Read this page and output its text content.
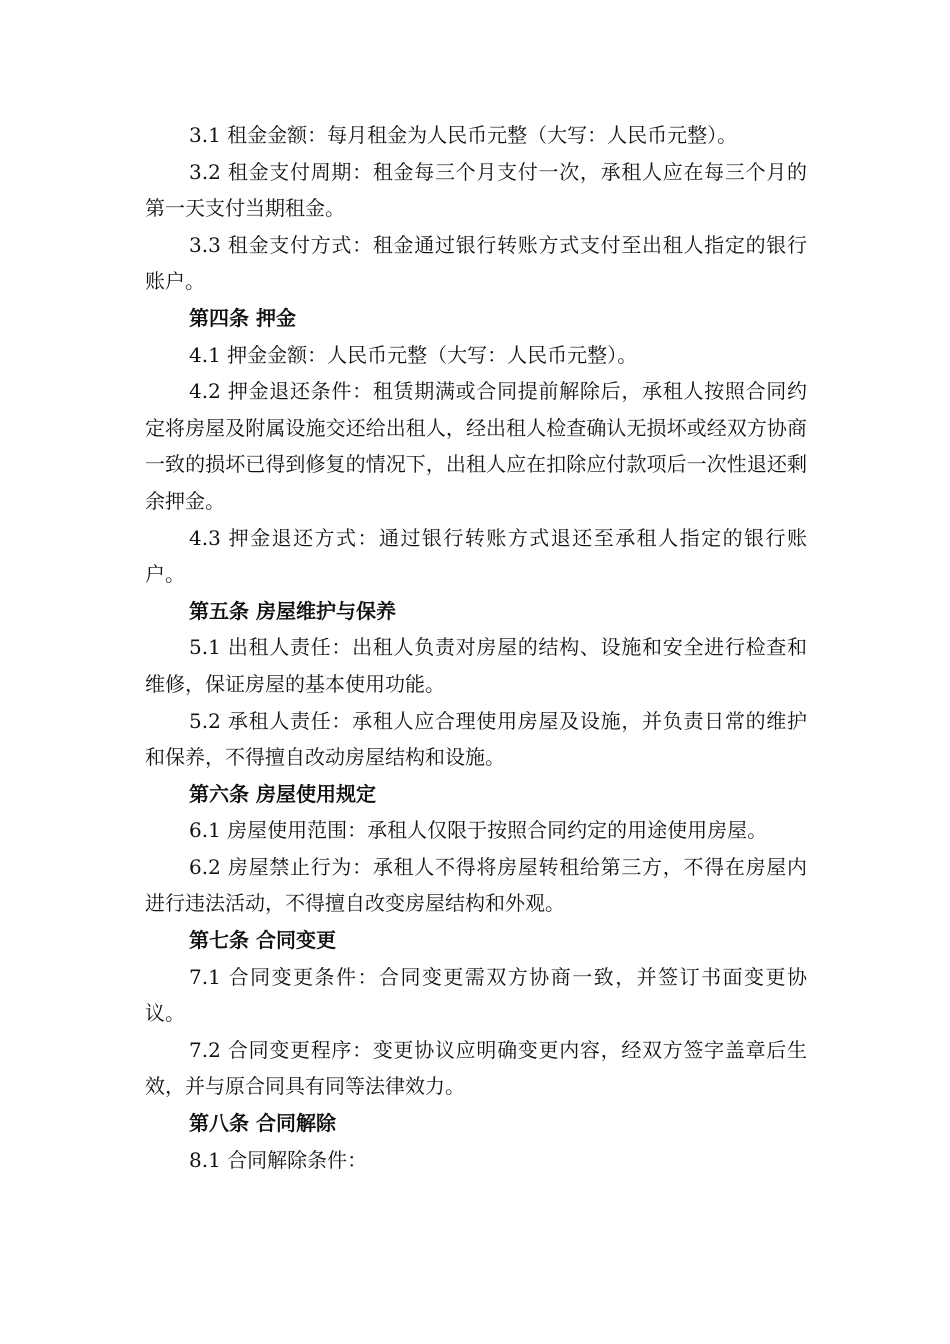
3.1 租金金额：每月租金为人民币元整（大写：人民币元整）。

3.2 租金支付周期：租金每三个月支付一次，承租人应在每三个月的第一天支付当期租金。

3.3 租金支付方式：租金通过银行转账方式支付至出租人指定的银行账户。

第四条 押金

4.1 押金金额：人民币元整（大写：人民币元整）。

4.2 押金退还条件：租赁期满或合同提前解除后，承租人按照合同约定将房屋及附属设施交还给出租人，经出租人检查确认无损坏或经双方协商一致的损坏已得到修复的情况下，出租人应在扣除应付款项后一次性退还剩余押金。

4.3 押金退还方式：通过银行转账方式退还至承租人指定的银行账户。

第五条 房屋维护与保养

5.1 出租人责任：出租人负责对房屋的结构、设施和安全进行检查和维修，保证房屋的基本使用功能。

5.2 承租人责任：承租人应合理使用房屋及设施，并负责日常的维护和保养，不得擅自改动房屋结构和设施。

第六条 房屋使用规定

6.1 房屋使用范围：承租人仅限于按照合同约定的用途使用房屋。

6.2 房屋禁止行为：承租人不得将房屋转租给第三方，不得在房屋内进行违法活动，不得擅自改变房屋结构和外观。

第七条 合同变更

7.1 合同变更条件：合同变更需双方协商一致，并签订书面变更协议。

7.2 合同变更程序：变更协议应明确变更内容，经双方签字盖章后生效，并与原合同具有同等法律效力。

第八条 合同解除

8.1 合同解除条件：
